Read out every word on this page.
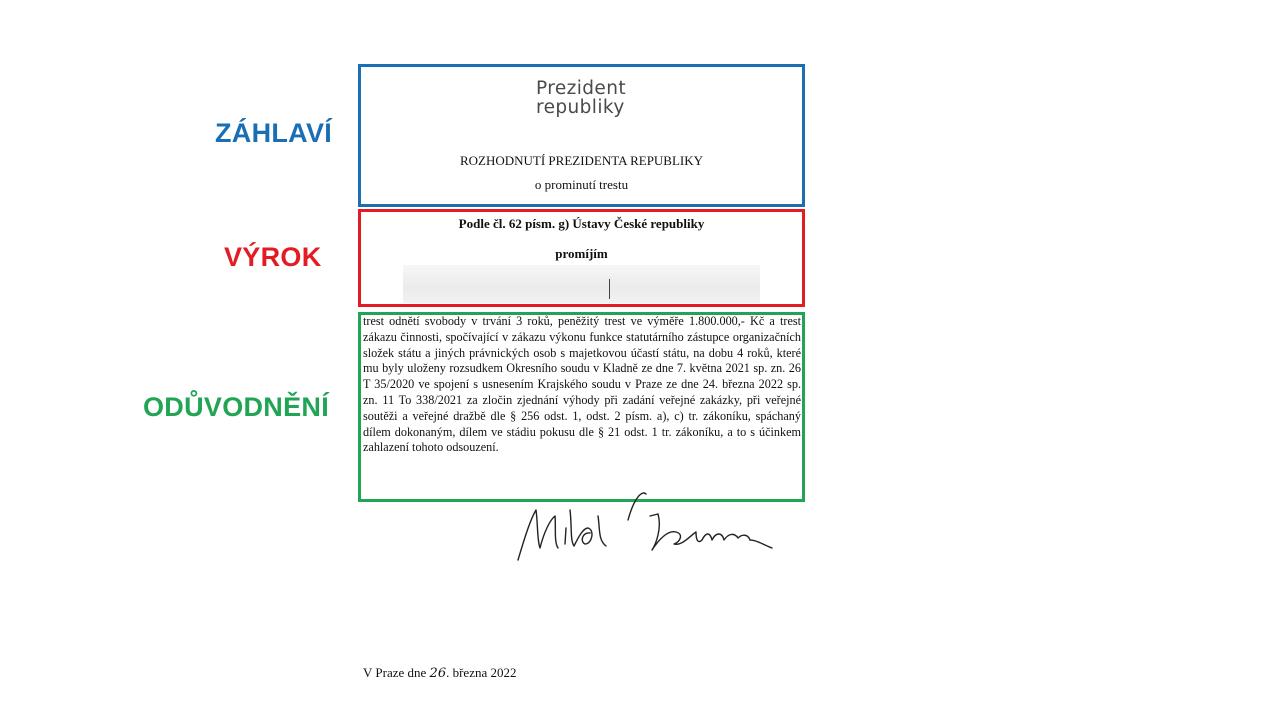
ZÁHLAVÍ
VÝROK
ODŮVODNĚNÍ
Prezident
republiky
ROZHODNUTÍ PREZIDENTA REPUBLIKY
o prominutí trestu
Podle čl. 62 písm. g) Ústavy České republiky
promíjím

trest odnětí svobody v trvání 3 roků, peněžitý trest ve výměře 1.800.000,- Kč a trest zákazu činnosti, spočívající v zákazu výkonu funkce statutárního zástupce organizačních složek státu a jiných právnických osob s majetkovou účastí státu, na dobu 4 roků, které mu byly uloženy rozsudkem Okresního soudu v Kladně ze dne 7. května 2021 sp. zn. 26 T 35/2020 ve spojení s usnesením Krajského soudu v Praze ze dne 24. března 2022 sp. zn. 11 To 338/2021 za zločin zjednání výhody při zadání veřejné zakázky, při veřejné soutěži a veřejné dražbě dle § 256 odst. 1, odst. 2 písm. a), c) tr. zákoníku, spáchaný dílem dokonaným, dílem ve stádiu pokusu dle § 21 odst. 1 tr. zákoníku, a to s účinkem zahlazení tohoto odsouzení.

V Praze dne 26. března 2022
